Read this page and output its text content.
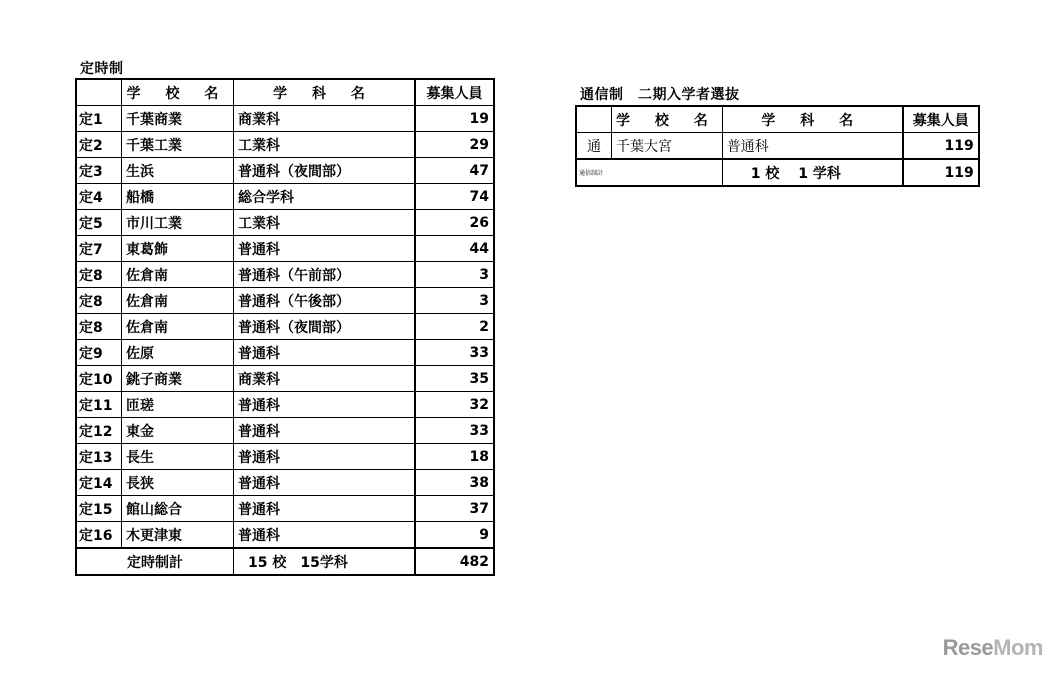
定時制
	学 校 名	学 科 名	募集人員
定1	千葉商業	商業科	19
定2	千葉工業	工業科	29
定3	生浜	普通科（夜間部）	47
定4	船橋	総合学科	74
定5	市川工業	工業科	26
定7	東葛飾	普通科	44
定8	佐倉南	普通科（午前部）	3
定8	佐倉南	普通科（午後部）	3
定8	佐倉南	普通科（夜間部）	2
定9	佐原	普通科	33
定10	銚子商業	商業科	35
定11	匝瑳	普通科	32
定12	東金	普通科	33
定13	長生	普通科	18
定14	長狭	普通科	38
定15	館山総合	普通科	37
定16	木更津東	普通科	9
定時制計		15 校　15学科	482
通信制　二期入学者選抜
	学 校 名	学 科 名	募集人員
通	千葉大宮	普通科	119
通信制計		1 校　 1 学科	119
ReseMom
